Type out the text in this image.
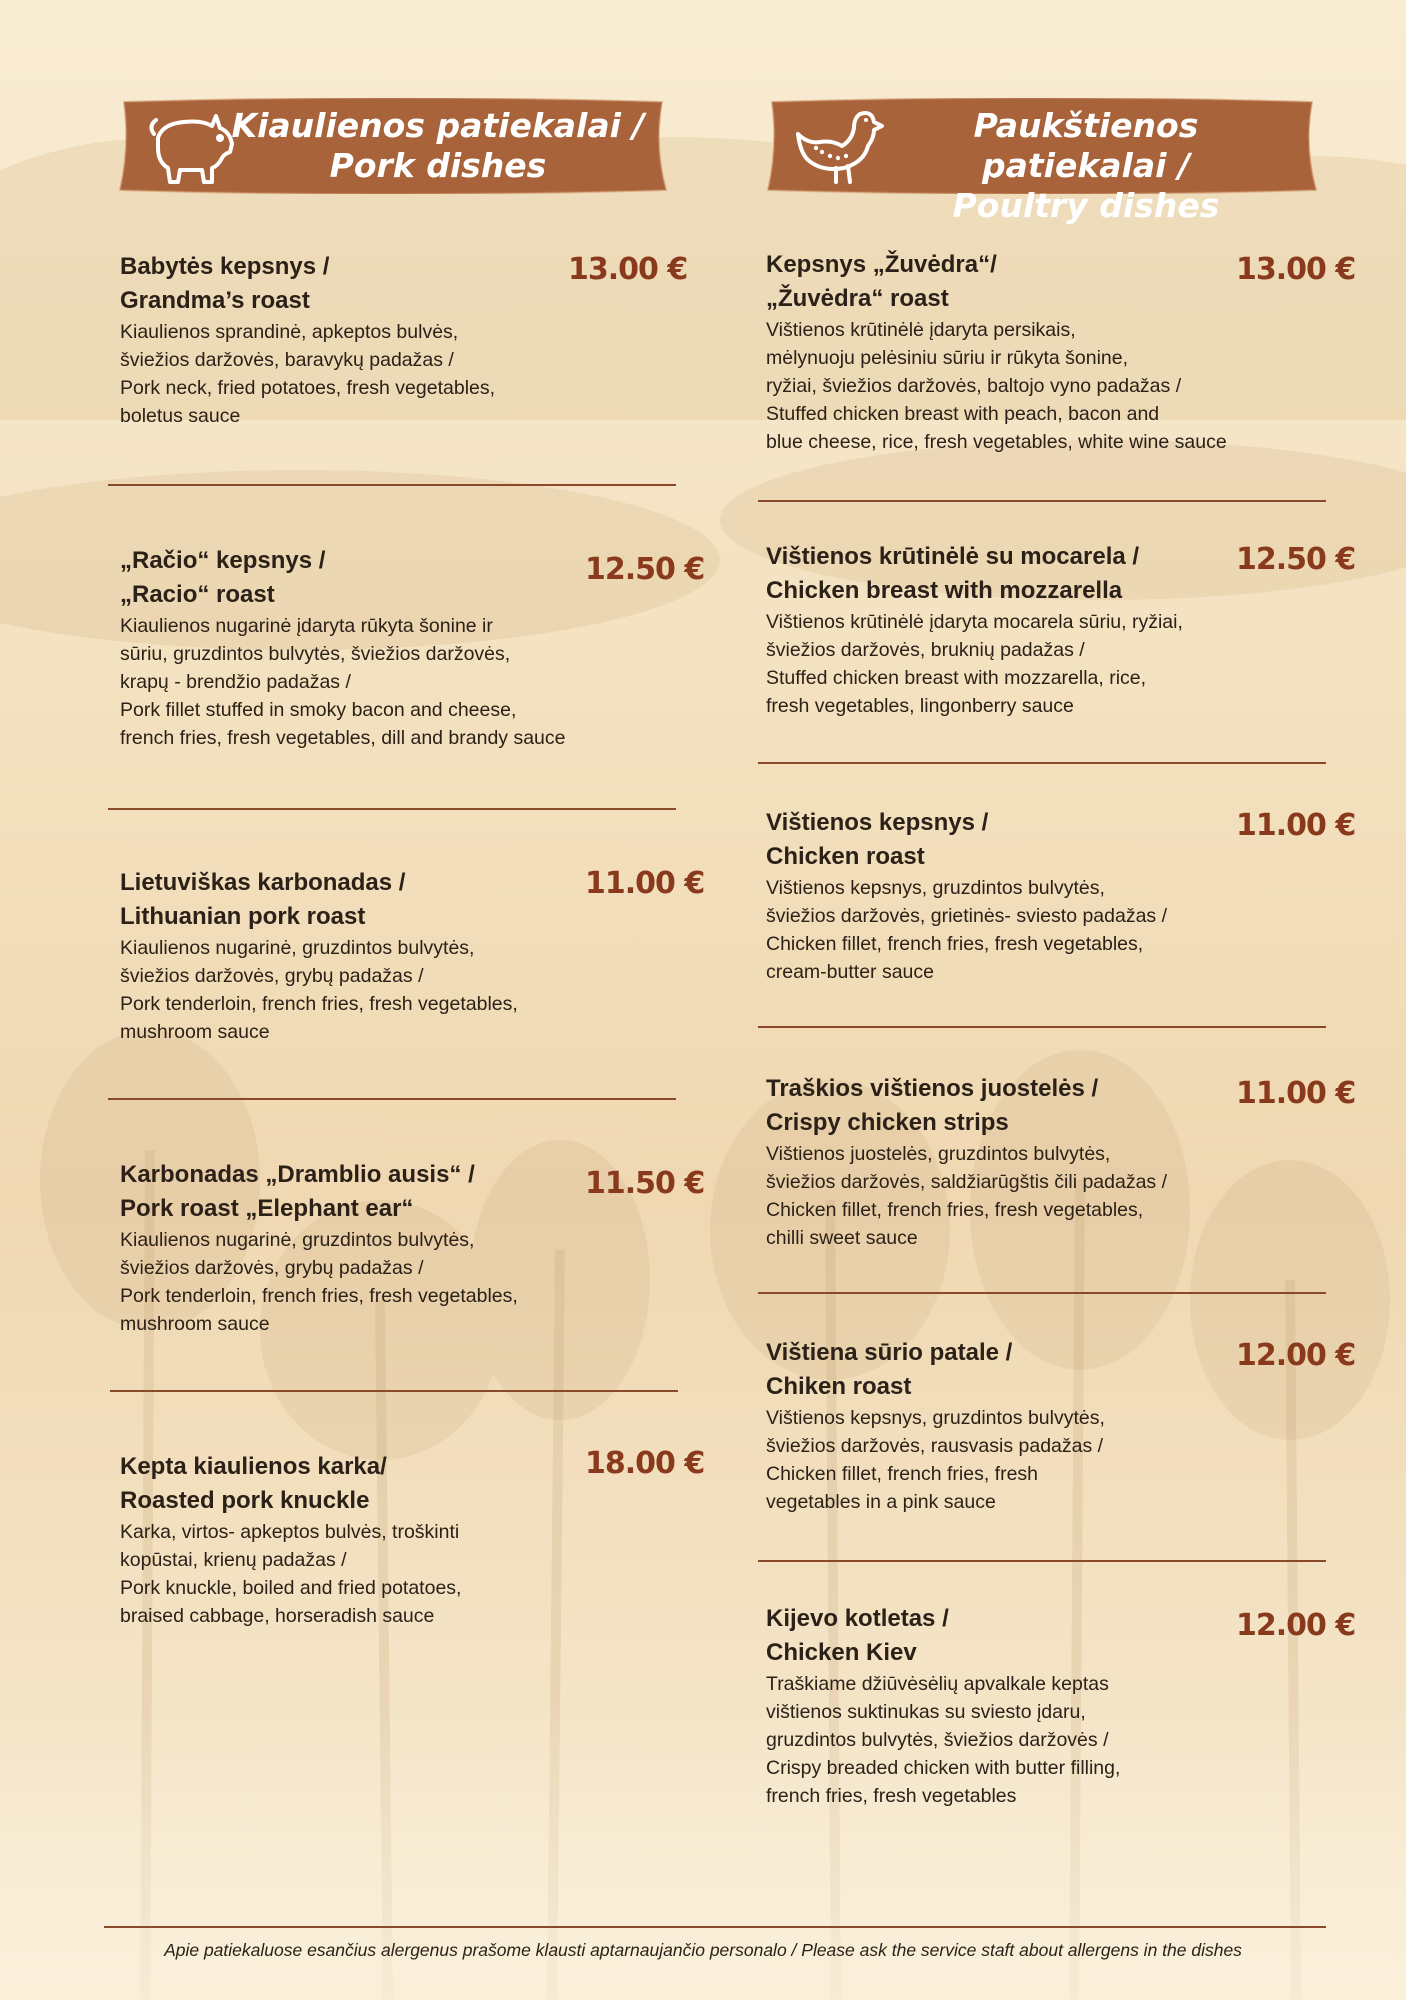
Kiaulienos patiekalai /
Pork dishes
Paukštienos patiekalai /
Poultry dishes
Babytės kepsnys /
Grandma’s roast
Kiaulienos sprandinė, apkeptos bulvės,
šviežios daržovės, baravykų padažas /
Pork neck, fried potatoes, fresh vegetables,
boletus sauce
13.00 €
„Račio“ kepsnys /
„Racio“ roast
Kiaulienos nugarinė įdaryta rūkyta šonine ir
sūriu, gruzdintos bulvytės, šviežios daržovės,
krapų - brendžio padažas /
Pork fillet stuffed in smoky bacon and cheese,
french fries, fresh vegetables, dill and brandy sauce
12.50 €
Lietuviškas karbonadas /
Lithuanian pork roast
Kiaulienos nugarinė, gruzdintos bulvytės,
šviežios daržovės, grybų padažas /
Pork tenderloin, french fries, fresh vegetables,
mushroom sauce
11.00 €
Karbonadas „Dramblio ausis“ /
Pork roast „Elephant ear“
Kiaulienos nugarinė, gruzdintos bulvytės,
šviežios daržovės, grybų padažas /
Pork tenderloin, french fries, fresh vegetables,
mushroom sauce
11.50 €
Kepta kiaulienos karka/
Roasted pork knuckle
Karka, virtos- apkeptos bulvės, troškinti
kopūstai, krienų padažas /
Pork knuckle, boiled and fried potatoes,
braised cabbage, horseradish sauce
18.00 €
Kepsnys „Žuvėdra“/
„Žuvėdra“ roast
Vištienos krūtinėlė įdaryta persikais,
mėlynuoju pelėsiniu sūriu ir rūkyta šonine,
ryžiai, šviežios daržovės, baltojo vyno padažas /
Stuffed chicken breast with peach, bacon and
blue cheese, rice, fresh vegetables, white wine sauce
13.00 €
Vištienos krūtinėlė su mocarela /
Chicken breast with mozzarella
Vištienos krūtinėlė įdaryta mocarela sūriu, ryžiai,
šviežios daržovės, bruknių padažas /
Stuffed chicken breast with mozzarella, rice,
fresh vegetables, lingonberry sauce
12.50 €
Vištienos kepsnys /
Chicken roast
Vištienos kepsnys, gruzdintos bulvytės,
šviežios daržovės, grietinės- sviesto padažas /
Chicken fillet, french fries, fresh vegetables,
cream-butter sauce
11.00 €
Traškios vištienos juostelės /
Crispy chicken strips
Vištienos juostelės, gruzdintos bulvytės,
šviežios daržovės, saldžiarūgštis čili padažas /
Chicken fillet, french fries, fresh vegetables,
chilli sweet sauce
11.00 €
Vištiena sūrio patale /
Chiken roast
Vištienos kepsnys, gruzdintos bulvytės,
šviežios daržovės, rausvasis padažas /
Chicken fillet, french fries, fresh
vegetables in a pink sauce
12.00 €
Kijevo kotletas /
Chicken Kiev
Traškiame džiūvėsėlių apvalkale keptas
vištienos suktinukas su sviesto įdaru,
gruzdintos bulvytės, šviežios daržovės /
Crispy breaded chicken with butter filling,
french fries, fresh vegetables
12.00 €
Apie patiekaluose esančius alergenus prašome klausti aptarnaujančio personalo / Please ask the service staft about allergens in the dishes
